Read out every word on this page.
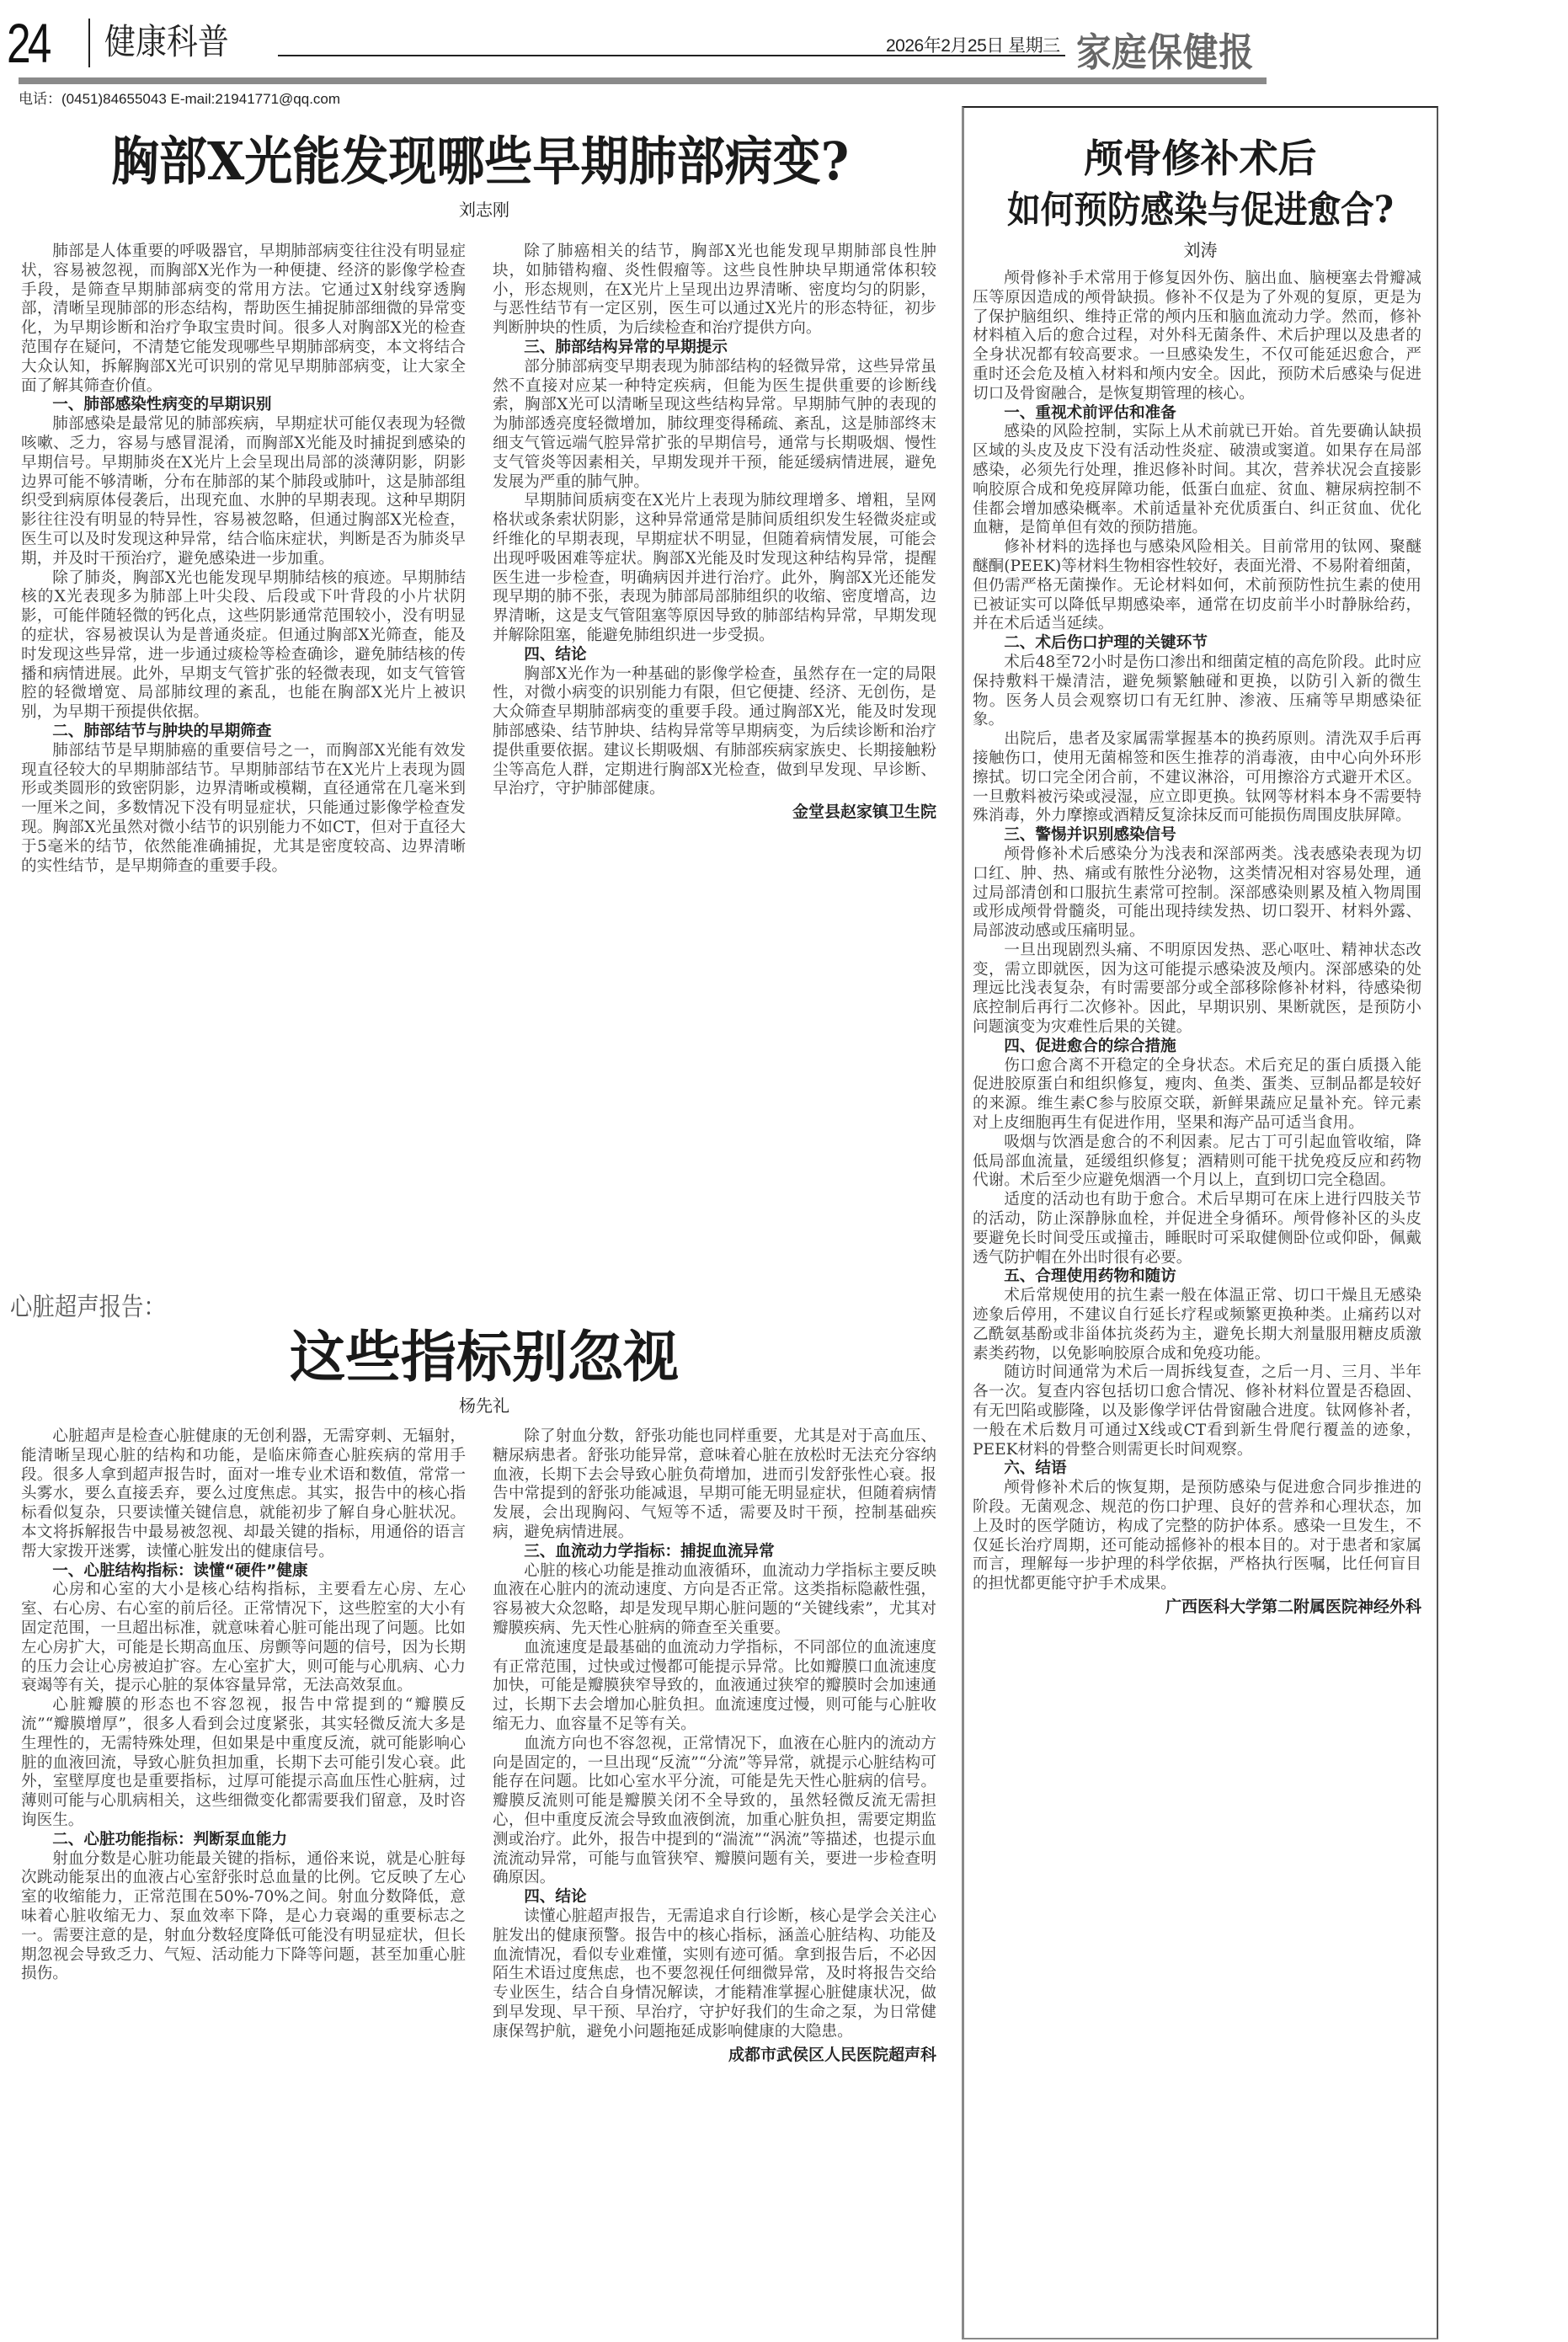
24 健康科普	2026年2月25日 星期三 家庭保健报
电话：(0451)84655043 E-mail:21941771@qq.com
胸部X光能发现哪些早期肺部病变?
刘志刚

肺部是人体重要的呼吸器官，早期肺部病变往往没有明显症状，容易被忽视，而胸部X光作为一种便捷、经济的影像学检查手段，是筛查早期肺部病变的常用方法。它通过X射线穿透胸部，清晰呈现肺部的形态结构，帮助医生捕捉肺部细微的异常变化，为早期诊断和治疗争取宝贵时间。很多人对胸部X光的检查范围存在疑问，不清楚它能发现哪些早期肺部病变，本文将结合大众认知，拆解胸部X光可识别的常见早期肺部病变，让大家全面了解其筛查价值。

一、肺部感染性病变的早期识别

肺部感染是最常见的肺部疾病，早期症状可能仅表现为轻微咳嗽、乏力，容易与感冒混淆，而胸部X光能及时捕捉到感染的早期信号。早期肺炎在X光片上会呈现出局部的淡薄阴影，阴影边界可能不够清晰，分布在肺部的某个肺段或肺叶，这是肺部组织受到病原体侵袭后，出现充血、水肿的早期表现。这种早期阴影往往没有明显的特异性，容易被忽略，但通过胸部X光检查，医生可以及时发现这种异常，结合临床症状，判断是否为肺炎早期，并及时干预治疗，避免感染进一步加重。

除了肺炎，胸部X光也能发现早期肺结核的痕迹。早期肺结核的X光表现多为肺部上叶尖段、后段或下叶背段的小片状阴影，可能伴随轻微的钙化点，这些阴影通常范围较小，没有明显的症状，容易被误认为是普通炎症。但通过胸部X光筛查，能及时发现这些异常，进一步通过痰检等检查确诊，避免肺结核的传播和病情进展。此外，早期支气管扩张的轻微表现，如支气管管腔的轻微增宽、局部肺纹理的紊乱，也能在胸部X光片上被识别，为早期干预提供依据。

二、肺部结节与肿块的早期筛查

肺部结节是早期肺癌的重要信号之一，而胸部X光能有效发现直径较大的早期肺部结节。早期肺部结节在X光片上表现为圆形或类圆形的致密阴影，边界清晰或模糊，直径通常在几毫米到一厘米之间，多数情况下没有明显症状，只能通过影像学检查发现。胸部X光虽然对微小结节的识别能力不如CT，但对于直径大于5毫米的结节，依然能准确捕捉，尤其是密度较高、边界清晰的实性结节，是早期筛查的重要手段。

除了肺癌相关的结节，胸部X光也能发现早期肺部良性肿块，如肺错构瘤、炎性假瘤等。这些良性肿块早期通常体积较小，形态规则，在X光片上呈现出边界清晰、密度均匀的阴影，与恶性结节有一定区别，医生可以通过X光片的形态特征，初步判断肿块的性质，为后续检查和治疗提供方向。

三、肺部结构异常的早期提示

部分肺部病变早期表现为肺部结构的轻微异常，这些异常虽然不直接对应某一种特定疾病，但能为医生提供重要的诊断线索，胸部X光可以清晰呈现这些结构异常。早期肺气肿的表现的为肺部透亮度轻微增加，肺纹理变得稀疏、紊乱，这是肺部终末细支气管远端气腔异常扩张的早期信号，通常与长期吸烟、慢性支气管炎等因素相关，早期发现并干预，能延缓病情进展，避免发展为严重的肺气肿。

早期肺间质病变在X光片上表现为肺纹理增多、增粗，呈网格状或条索状阴影，这种异常通常是肺间质组织发生轻微炎症或纤维化的早期表现，早期症状不明显，但随着病情发展，可能会出现呼吸困难等症状。胸部X光能及时发现这种结构异常，提醒医生进一步检查，明确病因并进行治疗。此外，胸部X光还能发现早期的肺不张，表现为肺部局部肺组织的收缩、密度增高，边界清晰，这是支气管阻塞等原因导致的肺部结构异常，早期发现并解除阻塞，能避免肺组织进一步受损。

四、结论

胸部X光作为一种基础的影像学检查，虽然存在一定的局限性，对微小病变的识别能力有限，但它便捷、经济、无创伤，是大众筛查早期肺部病变的重要手段。通过胸部X光，能及时发现肺部感染、结节肿块、结构异常等早期病变，为后续诊断和治疗提供重要依据。建议长期吸烟、有肺部疾病家族史、长期接触粉尘等高危人群，定期进行胸部X光检查，做到早发现、早诊断、早治疗，守护肺部健康。

金堂县赵家镇卫生院

心脏超声报告：
这些指标别忽视
杨先礼

心脏超声是检查心脏健康的无创利器，无需穿刺、无辐射，能清晰呈现心脏的结构和功能，是临床筛查心脏疾病的常用手段。很多人拿到超声报告时，面对一堆专业术语和数值，常常一头雾水，要么直接丢弃，要么过度焦虑。其实，报告中的核心指标看似复杂，只要读懂关键信息，就能初步了解自身心脏状况。本文将拆解报告中最易被忽视、却最关键的指标，用通俗的语言帮大家拨开迷雾，读懂心脏发出的健康信号。

一、心脏结构指标：读懂“硬件”健康

心房和心室的大小是核心结构指标，主要看左心房、左心室、右心房、右心室的前后径。正常情况下，这些腔室的大小有固定范围，一旦超出标准，就意味着心脏可能出现了问题。比如左心房扩大，可能是长期高血压、房颤等问题的信号，因为长期的压力会让心房被迫扩容。左心室扩大，则可能与心肌病、心力衰竭等有关，提示心脏的泵体容量异常，无法高效泵血。

心脏瓣膜的形态也不容忽视，报告中常提到的“瓣膜反流”“瓣膜增厚”，很多人看到会过度紧张，其实轻微反流大多是生理性的，无需特殊处理，但如果是中重度反流，就可能影响心脏的血液回流，导致心脏负担加重，长期下去可能引发心衰。此外，室壁厚度也是重要指标，过厚可能提示高血压性心脏病，过薄则可能与心肌病相关，这些细微变化都需要我们留意，及时咨询医生。

二、心脏功能指标：判断泵血能力

射血分数是心脏功能最关键的指标，通俗来说，就是心脏每次跳动能泵出的血液占心室舒张时总血量的比例。它反映了左心室的收缩能力，正常范围在50%-70%之间。射血分数降低，意味着心脏收缩无力、泵血效率下降，是心力衰竭的重要标志之一。需要注意的是，射血分数轻度降低可能没有明显症状，但长期忽视会导致乏力、气短、活动能力下降等问题，甚至加重心脏损伤。

除了射血分数，舒张功能也同样重要，尤其是对于高血压、糖尿病患者。舒张功能异常，意味着心脏在放松时无法充分容纳血液，长期下去会导致心脏负荷增加，进而引发舒张性心衰。报告中常提到的舒张功能减退，早期可能无明显症状，但随着病情发展，会出现胸闷、气短等不适，需要及时干预，控制基础疾病，避免病情进展。

三、血流动力学指标：捕捉血流异常

心脏的核心功能是推动血液循环，血流动力学指标主要反映血液在心脏内的流动速度、方向是否正常。这类指标隐蔽性强，容易被大众忽略，却是发现早期心脏问题的“关键线索”，尤其对瓣膜疾病、先天性心脏病的筛查至关重要。

血流速度是最基础的血流动力学指标，不同部位的血流速度有正常范围，过快或过慢都可能提示异常。比如瓣膜口血流速度加快，可能是瓣膜狭窄导致的，血液通过狭窄的瓣膜时会加速通过，长期下去会增加心脏负担。血流速度过慢，则可能与心脏收缩无力、血容量不足等有关。

血流方向也不容忽视，正常情况下，血液在心脏内的流动方向是固定的，一旦出现“反流”“分流”等异常，就提示心脏结构可能存在问题。比如心室水平分流，可能是先天性心脏病的信号。瓣膜反流则可能是瓣膜关闭不全导致的，虽然轻微反流无需担心，但中重度反流会导致血液倒流，加重心脏负担，需要定期监测或治疗。此外，报告中提到的“湍流”“涡流”等描述，也提示血流流动异常，可能与血管狭窄、瓣膜问题有关，要进一步检查明确原因。

四、结论

读懂心脏超声报告，无需追求自行诊断，核心是学会关注心脏发出的健康预警。报告中的核心指标，涵盖心脏结构、功能及血流情况，看似专业难懂，实则有迹可循。拿到报告后，不必因陌生术语过度焦虑，也不要忽视任何细微异常，及时将报告交给专业医生，结合自身情况解读，才能精准掌握心脏健康状况，做到早发现、早干预、早治疗，守护好我们的生命之泵，为日常健康保驾护航，避免小问题拖延成影响健康的大隐患。

成都市武侯区人民医院超声科

颅骨修补术后
如何预防感染与促进愈合?
刘涛

颅骨修补手术常用于修复因外伤、脑出血、脑梗塞去骨瓣减压等原因造成的颅骨缺损。修补不仅是为了外观的复原，更是为了保护脑组织、维持正常的颅内压和脑血流动力学。然而，修补材料植入后的愈合过程，对外科无菌条件、术后护理以及患者的全身状况都有较高要求。一旦感染发生，不仅可能延迟愈合，严重时还会危及植入材料和颅内安全。因此，预防术后感染与促进切口及骨窗融合，是恢复期管理的核心。

一、重视术前评估和准备

感染的风险控制，实际上从术前就已开始。首先要确认缺损区域的头皮及皮下没有活动性炎症、破溃或窦道。如果存在局部感染，必须先行处理，推迟修补时间。其次，营养状况会直接影响胶原合成和免疫屏障功能，低蛋白血症、贫血、糖尿病控制不佳都会增加感染概率。术前适量补充优质蛋白、纠正贫血、优化血糖，是简单但有效的预防措施。

修补材料的选择也与感染风险相关。目前常用的钛网、聚醚醚酮(PEEK)等材料生物相容性较好，表面光滑、不易附着细菌，但仍需严格无菌操作。无论材料如何，术前预防性抗生素的使用已被证实可以降低早期感染率，通常在切皮前半小时静脉给药，并在术后适当延续。

二、术后伤口护理的关键环节

术后48至72小时是伤口渗出和细菌定植的高危阶段。此时应保持敷料干燥清洁，避免频繁触碰和更换，以防引入新的微生物。医务人员会观察切口有无红肿、渗液、压痛等早期感染征象。

出院后，患者及家属需掌握基本的换药原则。清洗双手后再接触伤口，使用无菌棉签和医生推荐的消毒液，由中心向外环形擦拭。切口完全闭合前，不建议淋浴，可用擦浴方式避开术区。一旦敷料被污染或浸湿，应立即更换。钛网等材料本身不需要特殊消毒，外力摩擦或酒精反复涂抹反而可能损伤周围皮肤屏障。

三、警惕并识别感染信号

颅骨修补术后感染分为浅表和深部两类。浅表感染表现为切口红、肿、热、痛或有脓性分泌物，这类情况相对容易处理，通过局部清创和口服抗生素常可控制。深部感染则累及植入物周围或形成颅骨骨髓炎，可能出现持续发热、切口裂开、材料外露、局部波动感或压痛明显。

一旦出现剧烈头痛、不明原因发热、恶心呕吐、精神状态改变，需立即就医，因为这可能提示感染波及颅内。深部感染的处理远比浅表复杂，有时需要部分或全部移除修补材料，待感染彻底控制后再行二次修补。因此，早期识别、果断就医，是预防小问题演变为灾难性后果的关键。

四、促进愈合的综合措施

伤口愈合离不开稳定的全身状态。术后充足的蛋白质摄入能促进胶原蛋白和组织修复，瘦肉、鱼类、蛋类、豆制品都是较好的来源。维生素C参与胶原交联，新鲜果蔬应足量补充。锌元素对上皮细胞再生有促进作用，坚果和海产品可适当食用。

吸烟与饮酒是愈合的不利因素。尼古丁可引起血管收缩，降低局部血流量，延缓组织修复；酒精则可能干扰免疫反应和药物代谢。术后至少应避免烟酒一个月以上，直到切口完全稳固。

适度的活动也有助于愈合。术后早期可在床上进行四肢关节的活动，防止深静脉血栓，并促进全身循环。颅骨修补区的头皮要避免长时间受压或撞击，睡眠时可采取健侧卧位或仰卧，佩戴透气防护帽在外出时很有必要。

五、合理使用药物和随访

术后常规使用的抗生素一般在体温正常、切口干燥且无感染迹象后停用，不建议自行延长疗程或频繁更换种类。止痛药以对乙酰氨基酚或非甾体抗炎药为主，避免长期大剂量服用糖皮质激素类药物，以免影响胶原合成和免疫功能。

随访时间通常为术后一周拆线复查，之后一月、三月、半年各一次。复查内容包括切口愈合情况、修补材料位置是否稳固、有无凹陷或膨隆，以及影像学评估骨窗融合进度。钛网修补者，一般在术后数月可通过X线或CT看到新生骨爬行覆盖的迹象，PEEK材料的骨整合则需更长时间观察。

六、结语

颅骨修补术后的恢复期，是预防感染与促进愈合同步推进的阶段。无菌观念、规范的伤口护理、良好的营养和心理状态，加上及时的医学随访，构成了完整的防护体系。感染一旦发生，不仅延长治疗周期，还可能动摇修补的根本目的。对于患者和家属而言，理解每一步护理的科学依据，严格执行医嘱，比任何盲目的担忧都更能守护手术成果。

广西医科大学第二附属医院神经外科
